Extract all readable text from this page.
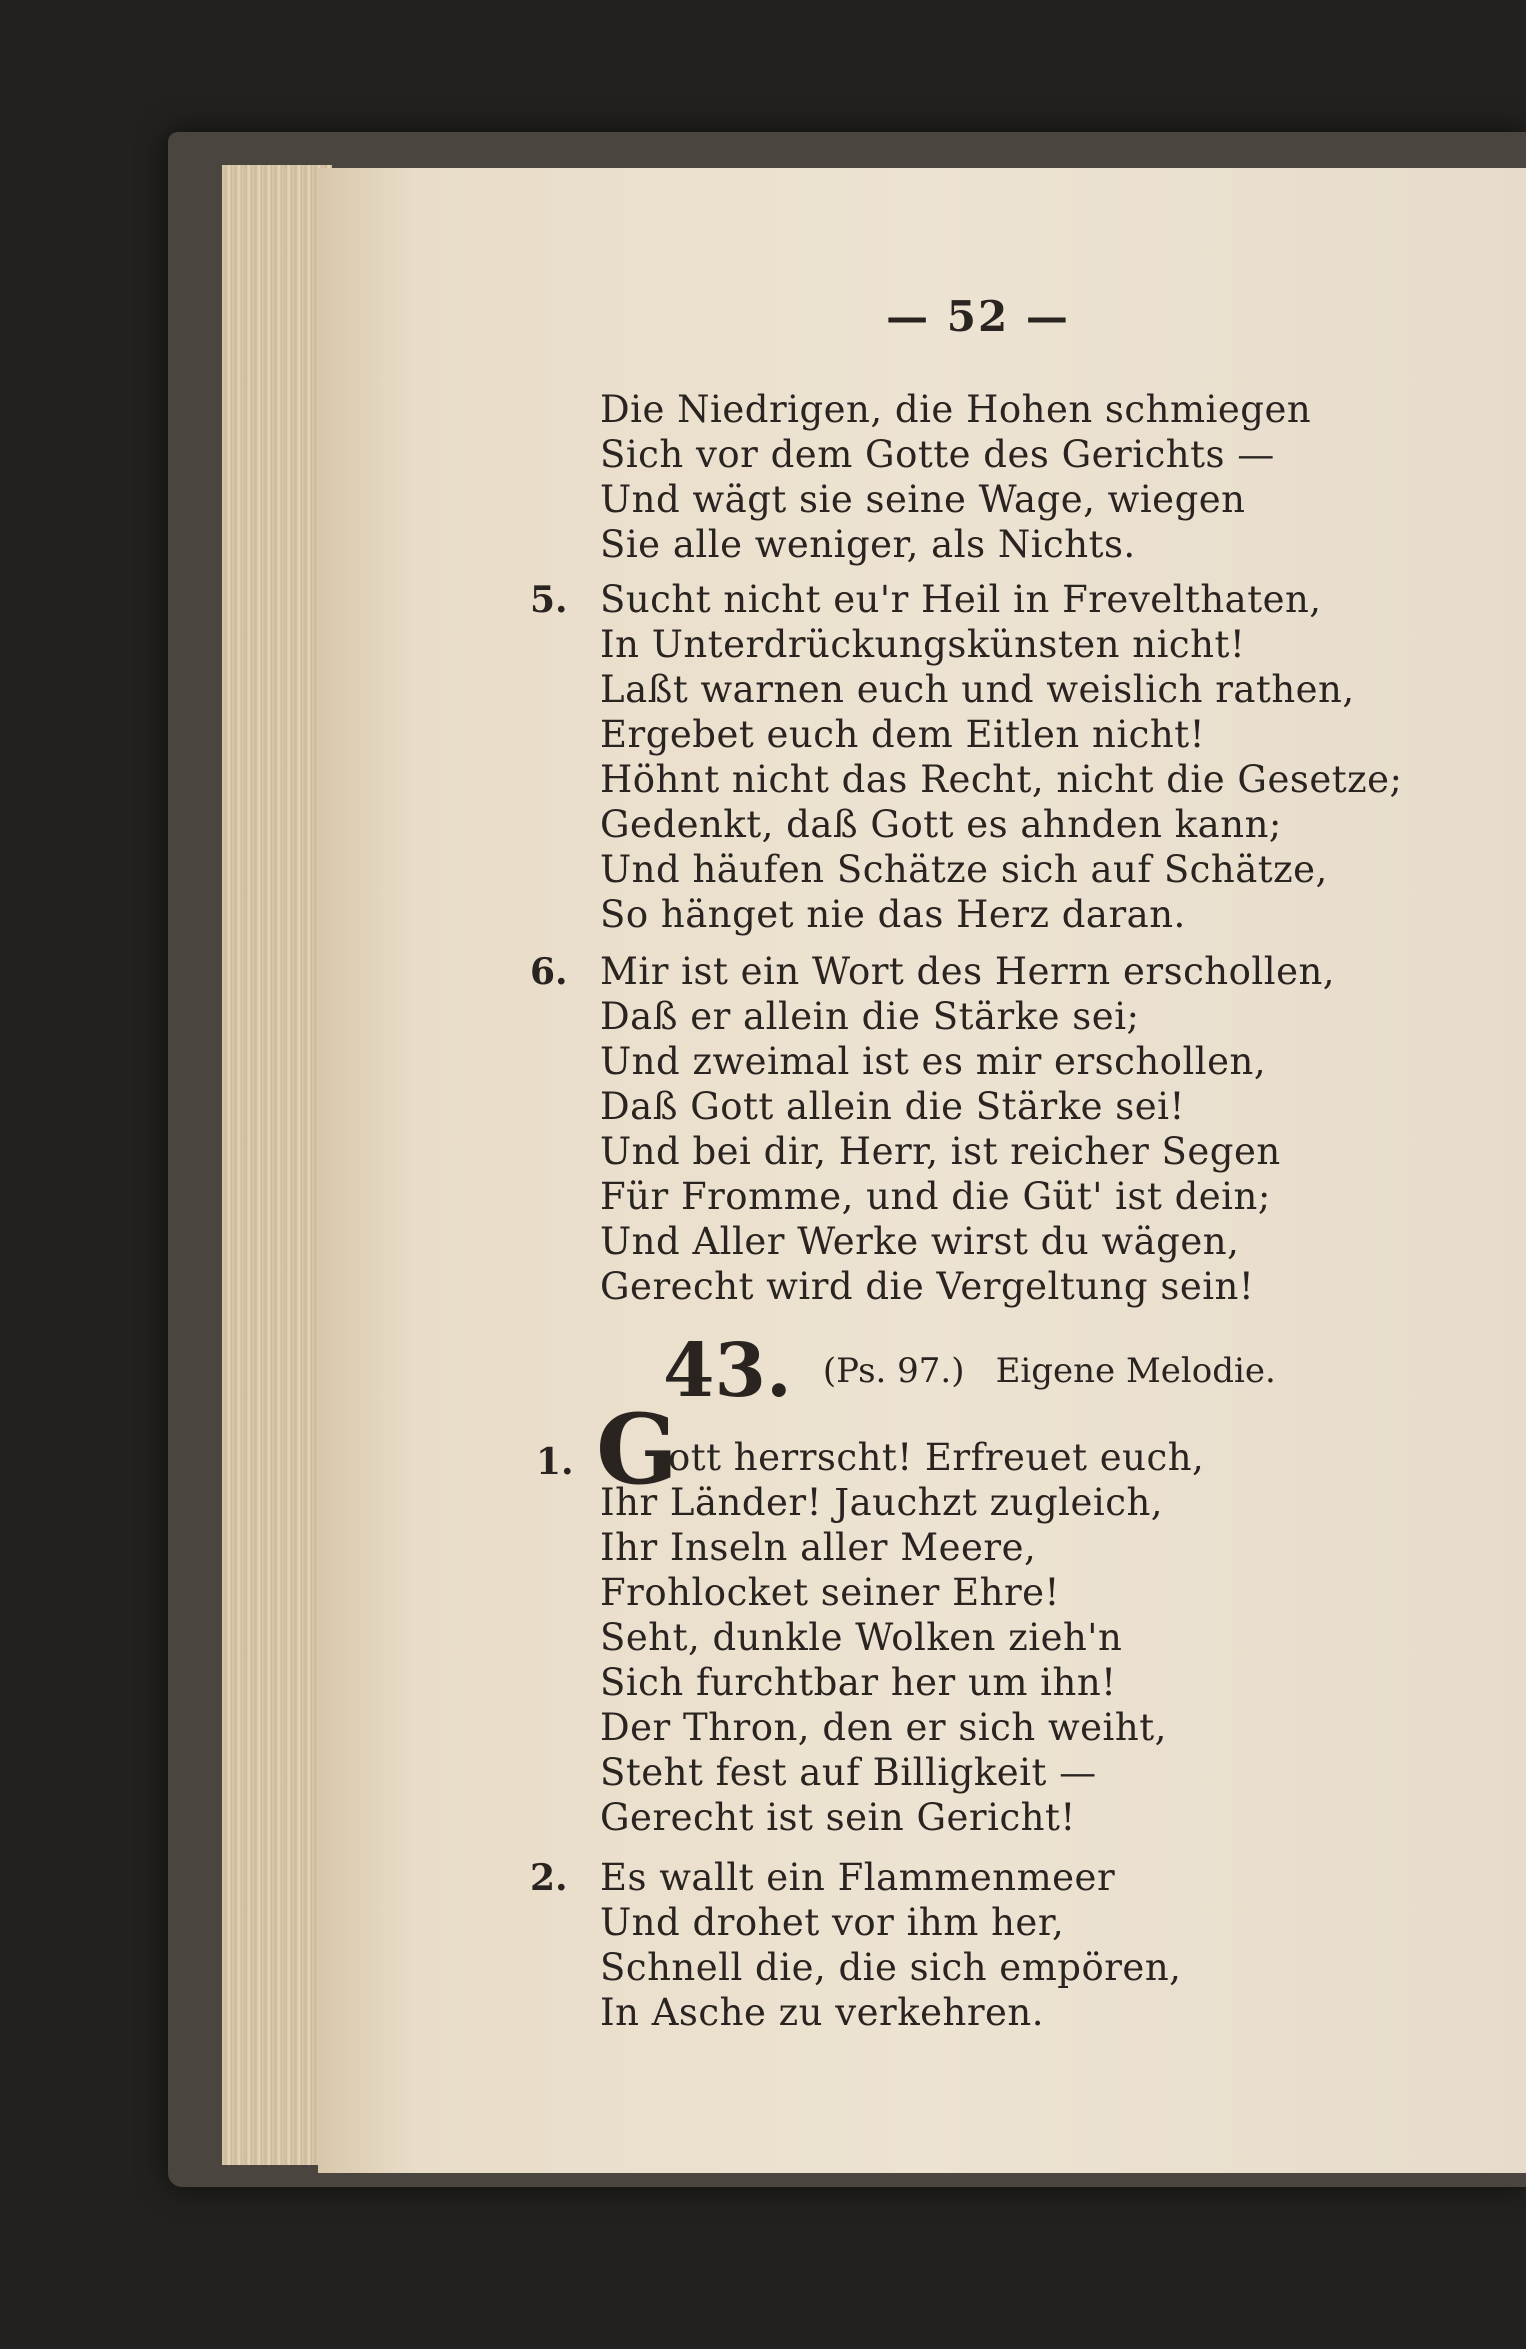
— 52 —

Die Niedrigen, die Hohen schmiegen

Sich vor dem Gotte des Gerichts —

Und wägt sie seine Wage, wiegen

Sie alle weniger, als Nichts.

5. Sucht nicht eu'r Heil in Frevelthaten,

In Unterdrückungskünsten nicht!

Laßt warnen euch und weislich rathen,

Ergebet euch dem Eitlen nicht!

Höhnt nicht das Recht, nicht die Gesetze;

Gedenkt, daß Gott es ahnden kann;

Und häufen Schätze sich auf Schätze,

So hänget nie das Herz daran.

6. Mir ist ein Wort des Herrn erschollen,

Daß er allein die Stärke sei;

Und zweimal ist es mir erschollen,

Daß Gott allein die Stärke sei!

Und bei dir, Herr, ist reicher Segen

Für Fromme, und die Güt' ist dein;

Und Aller Werke wirst du wägen,

Gerecht wird die Vergeltung sein!

43. (Ps. 97.) Eigene Melodie.

1. G

ott herrscht! Erfreuet euch,

Ihr Länder! Jauchzt zugleich,

Ihr Inseln aller Meere,

Frohlocket seiner Ehre!

Seht, dunkle Wolken zieh'n

Sich furchtbar her um ihn!

Der Thron, den er sich weiht,

Steht fest auf Billigkeit —

Gerecht ist sein Gericht!

2. Es wallt ein Flammenmeer

Und drohet vor ihm her,

Schnell die, die sich empören,

In Asche zu verkehren.
